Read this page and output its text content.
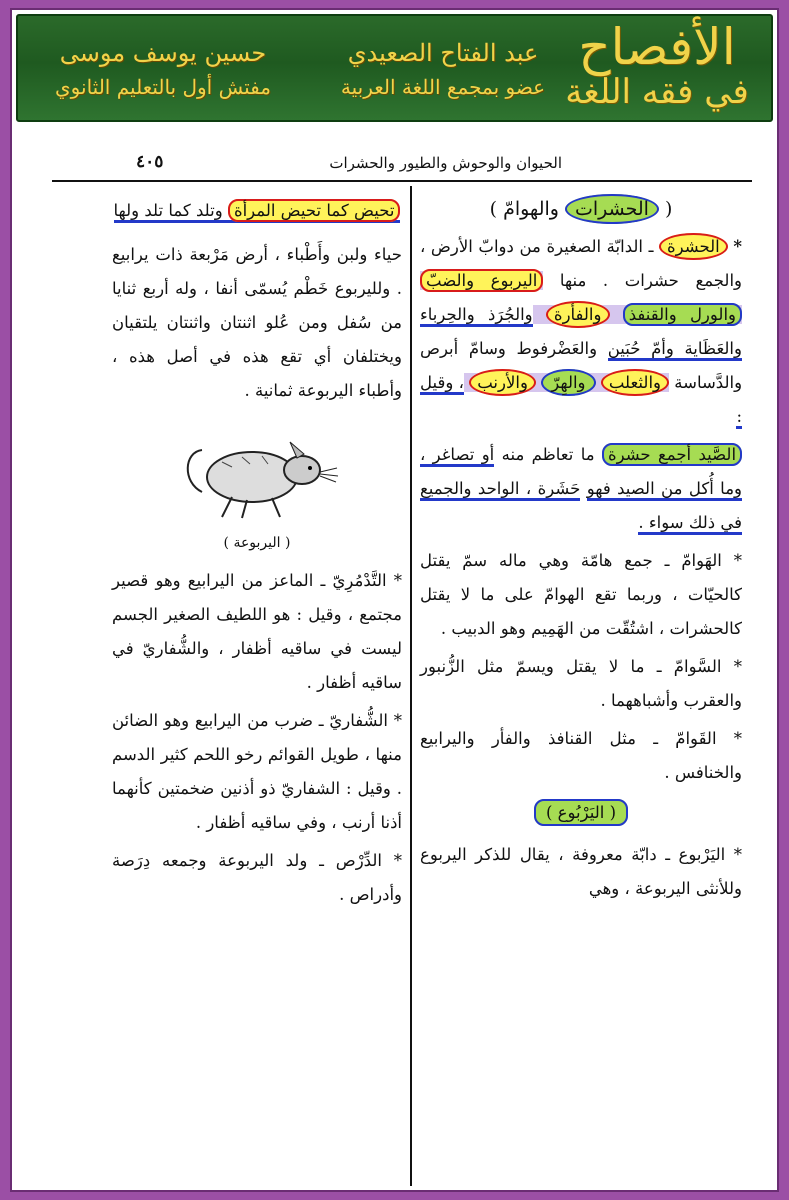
الأفصاح
في فقه اللغة
عبد الفتاح الصعيدي
عضو بمجمع اللغة العربية
حسين يوسف موسى
مفتش أول بالتعليم الثانوي
الحيوان والوحوش والطيور والحشرات
٤٠٥

( الحشرات والهوامّ )

* الحشرة ـ الدابّة الصغيرة من دوابّ الأرض ، والجمع حشرات . منها اليربوع والضبّ والورل والقنفذ والفأرة والجُرَذ والحِرباء والعَظَاية وأمّ حُبَين والعَضْرفوط وسامّ أبرص والدَّساسة والثعلب والهِرّ والأرنب ، وقيل :

الصَّيد أجمع حشرة ما تعاظم منه أو تصاغر ، وما أُكل من الصيد فهو حَشَرة ، الواحد والجميع في ذلك سواء .

* الهَوامّ ـ جمع هامّة وهي ماله سمّ يقتل كالحيّات ، وربما تقع الهوامّ على ما لا يقتل كالحشرات ، اشتُقّت من الهَمِيم وهو الدبيب .

* السَّوامّ ـ ما لا يقتل ويسمّ مثل الزُّنبور والعقرب وأشباههما .

* القَوامّ ـ مثل القنافذ والفأر واليرابيع والخنافس .

( اليَرْبُوع )

* اليَرْبوع ـ دابّة معروفة ، يقال للذكر اليربوع وللأنثى اليربوعة ، وهي

تحيض كما تحيض المرأة وتلد كما تلد ولها

حياء ولبن وأَطْباء ، أرض مَرْبعة ذات يرابيع . ولليربوع خَطْم يُسمّى أنفا ، وله أربع ثنايا من سُفل ومن عُلو اثنتان واثنتان يلتقيان ويختلفان أي تقع هذه في أصل هذه ، وأطباء اليربوعة ثمانية .

( اليربوعة )

* التَّدْمُرِيّ ـ الماعز من اليرابيع وهو قصير مجتمع ، وقيل : هو اللطيف الصغير الجسم ليست في ساقيه أظفار ، والشُّفاريّ في ساقيه أظفار .

* الشُّفاريّ ـ ضرب من اليرابيع وهو الضائن منها ، طويل القوائم رخو اللحم كثير الدسم . وقيل : الشفاريّ ذو أذنين ضخمتين كأنهما أذنا أرنب ، وفي ساقيه أظفار .

* الدِّرْص ـ ولد اليربوعة وجمعه دِرَصة وأدراص .
